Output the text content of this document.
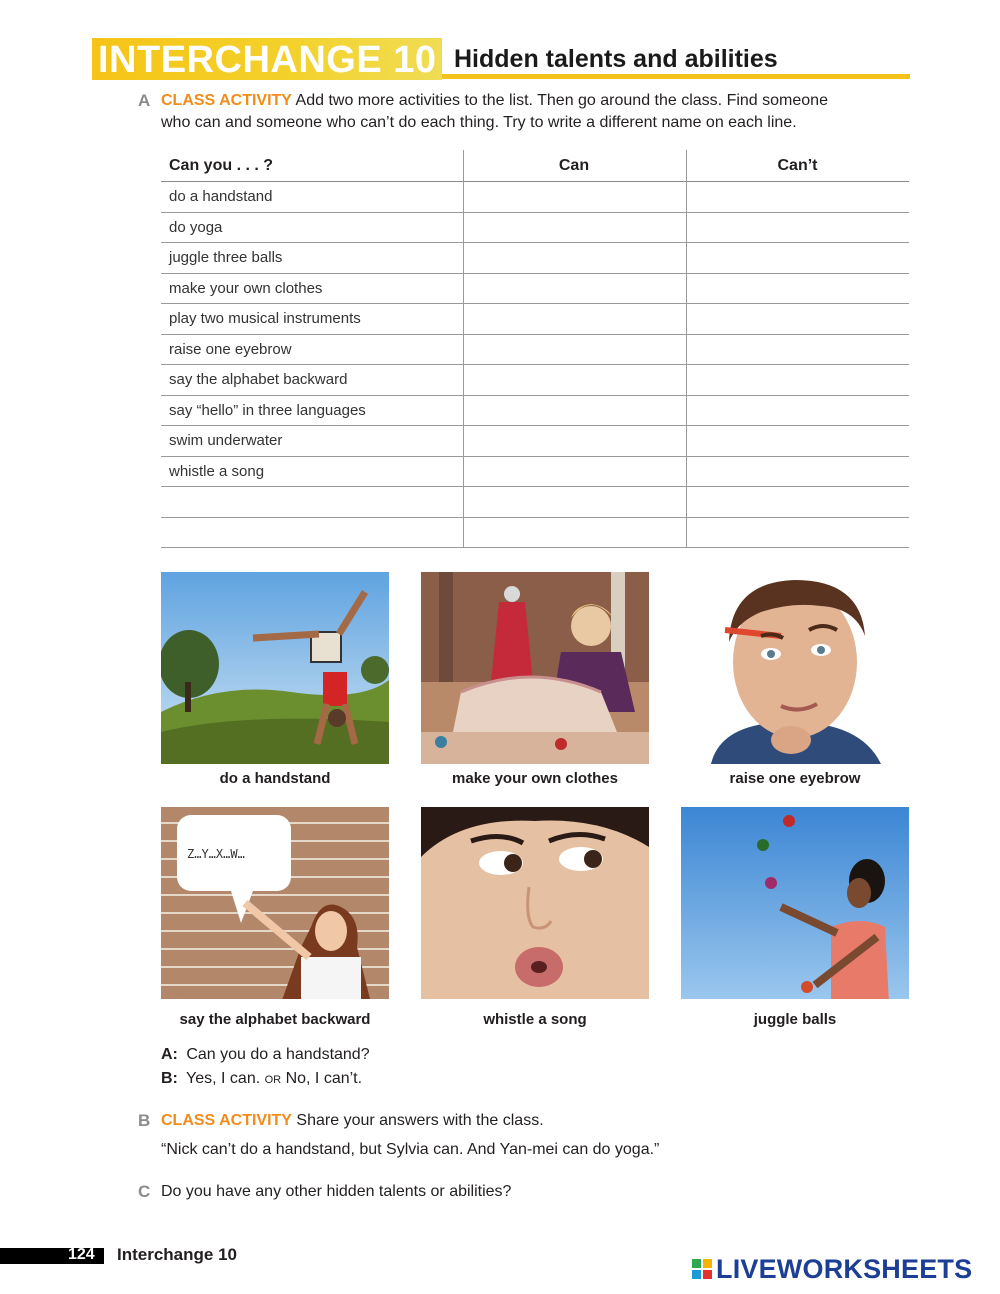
INTERCHANGE 10 Hidden talents and abilities
A CLASS ACTIVITY Add two more activities to the list. Then go around the class. Find someone
who can and someone who can’t do each thing. Try to write a different name on each line.
Can you . . . ?	Can	Can’t
do a handstand
do yoga
juggle three balls
make your own clothes
play two musical instruments
raise one eyebrow
say the alphabet backward
say “hello” in three languages
swim underwater
whistle a song
do a handstand	make your own clothes	raise one eyebrow
Z…Y…X…W…
say the alphabet backward	whistle a song	juggle balls
A: Can you do a handstand?
B: Yes, I can. OR No, I can’t.
B CLASS ACTIVITY Share your answers with the class.
“Nick can’t do a handstand, but Sylvia can. And Yan-mei can do yoga.”
C Do you have any other hidden talents or abilities?
124 Interchange 10	LIVEWORKSHEETS
